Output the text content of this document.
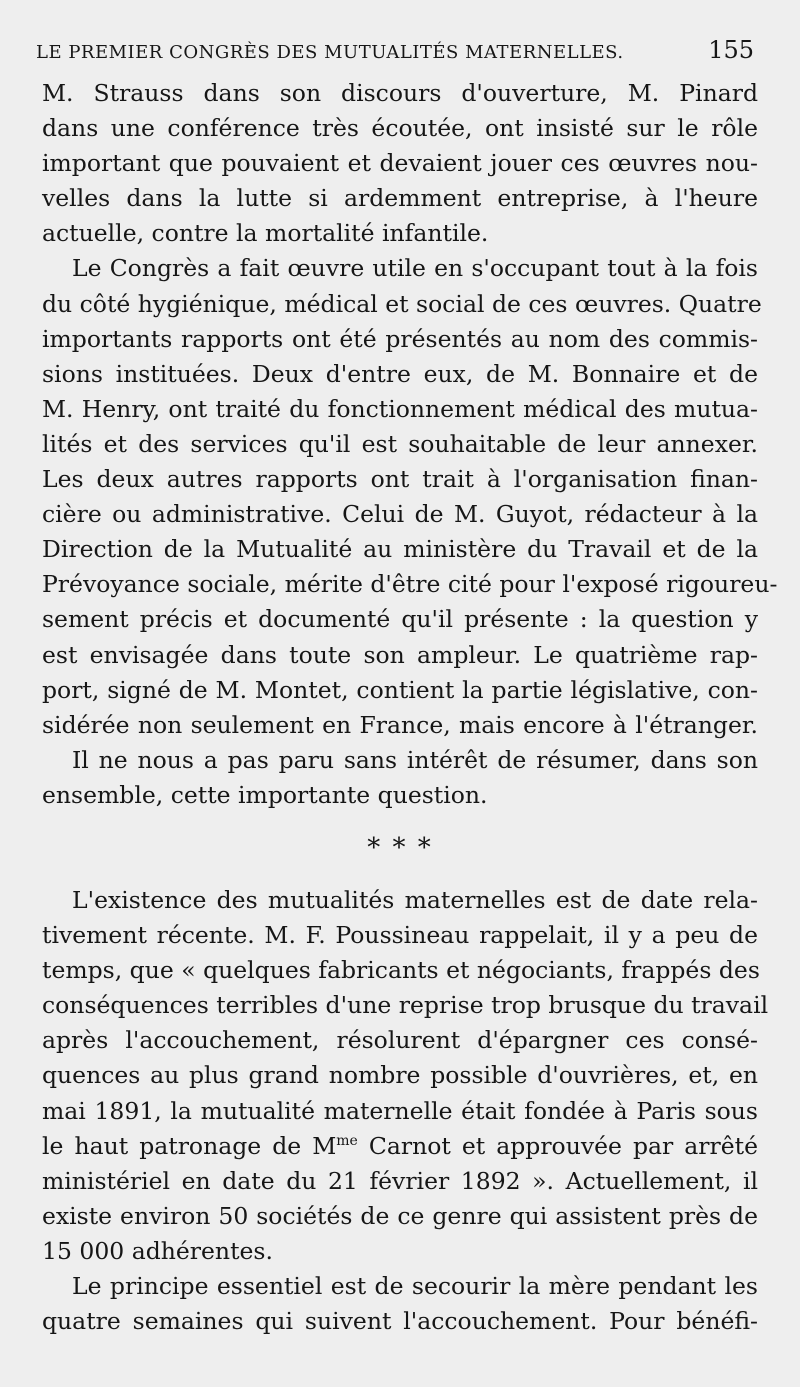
LE PREMIER CONGRÈS DES MUTUALITÉS MATERNELLES.	155
M. Strauss dans son discours d'ouverture, M. Pinard
dans une conférence très écoutée, ont insisté sur le rôle
important que pouvaient et devaient jouer ces œuvres nou-
velles dans la lutte si ardemment entreprise, à l'heure
actuelle, contre la mortalité infantile.
Le Congrès a fait œuvre utile en s'occupant tout à la fois
du côté hygiénique, médical et social de ces œuvres. Quatre
importants rapports ont été présentés au nom des commis-
sions instituées. Deux d'entre eux, de M. Bonnaire et de
M. Henry, ont traité du fonctionnement médical des mutua-
lités et des services qu'il est souhaitable de leur annexer.
Les deux autres rapports ont trait à l'organisation finan-
cière ou administrative. Celui de M. Guyot, rédacteur à la
Direction de la Mutualité au ministère du Travail et de la
Prévoyance sociale, mérite d'être cité pour l'exposé rigoureu-
sement précis et documenté qu'il présente : la question y
est envisagée dans toute son ampleur. Le quatrième rap-
port, signé de M. Montet, contient la partie législative, con-
sidérée non seulement en France, mais encore à l'étranger.
Il ne nous a pas paru sans intérêt de résumer, dans son
ensemble, cette importante question.
* * *
L'existence des mutualités maternelles est de date rela-
tivement récente. M. F. Poussineau rappelait, il y a peu de
temps, que « quelques fabricants et négociants, frappés des
conséquences terribles d'une reprise trop brusque du travail
après l'accouchement, résolurent d'épargner ces consé-
quences au plus grand nombre possible d'ouvrières, et, en
mai 1891, la mutualité maternelle était fondée à Paris sous
le haut patronage de $M^{me}$ Carnot et approuvée par arrêté
ministériel en date du 21 février 1892 ». Actuellement, il
existe environ 50 sociétés de ce genre qui assistent près de
15 000 adhérentes.
Le principe essentiel est de secourir la mère pendant les
quatre semaines qui suivent l'accouchement. Pour bénéfi-
